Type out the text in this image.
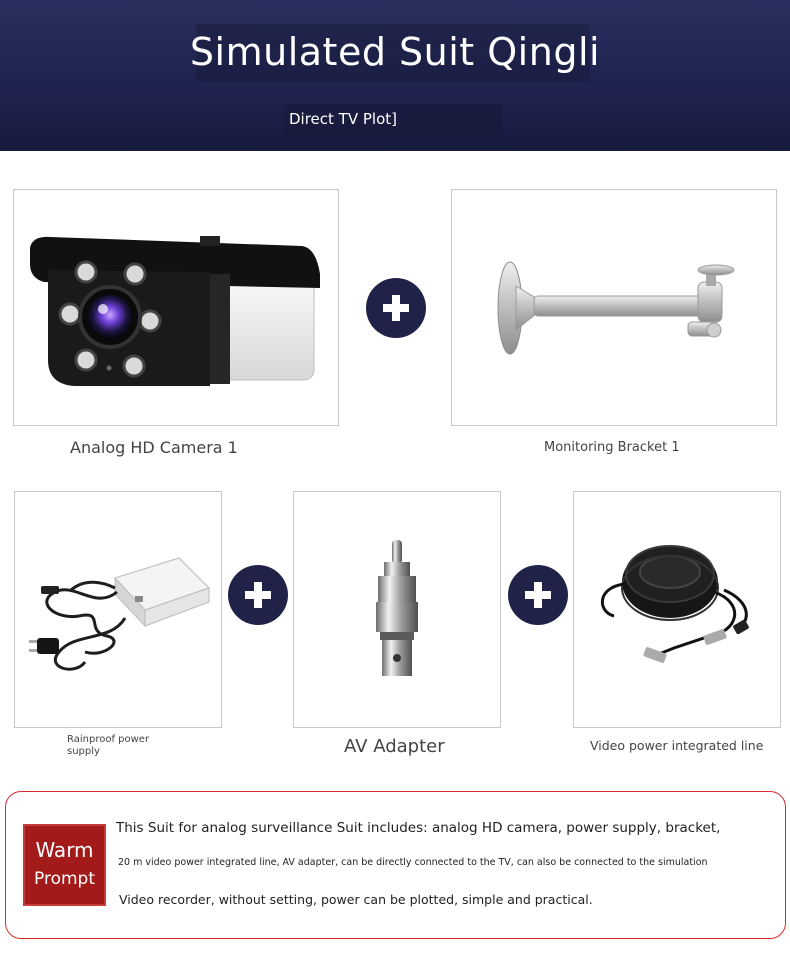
Simulated Suit Qingli
Direct TV Plot]
Analog HD Camera 1	Monitoring Bracket 1
Rainproof power
supply	AV Adapter	Video power integrated line
Warm
Prompt
This Suit for analog surveillance Suit includes: analog HD camera, power supply, bracket,
20 m video power integrated line, AV adapter, can be directly connected to the TV, can also be connected to the simulation
Video recorder, without setting, power can be plotted, simple and practical.
